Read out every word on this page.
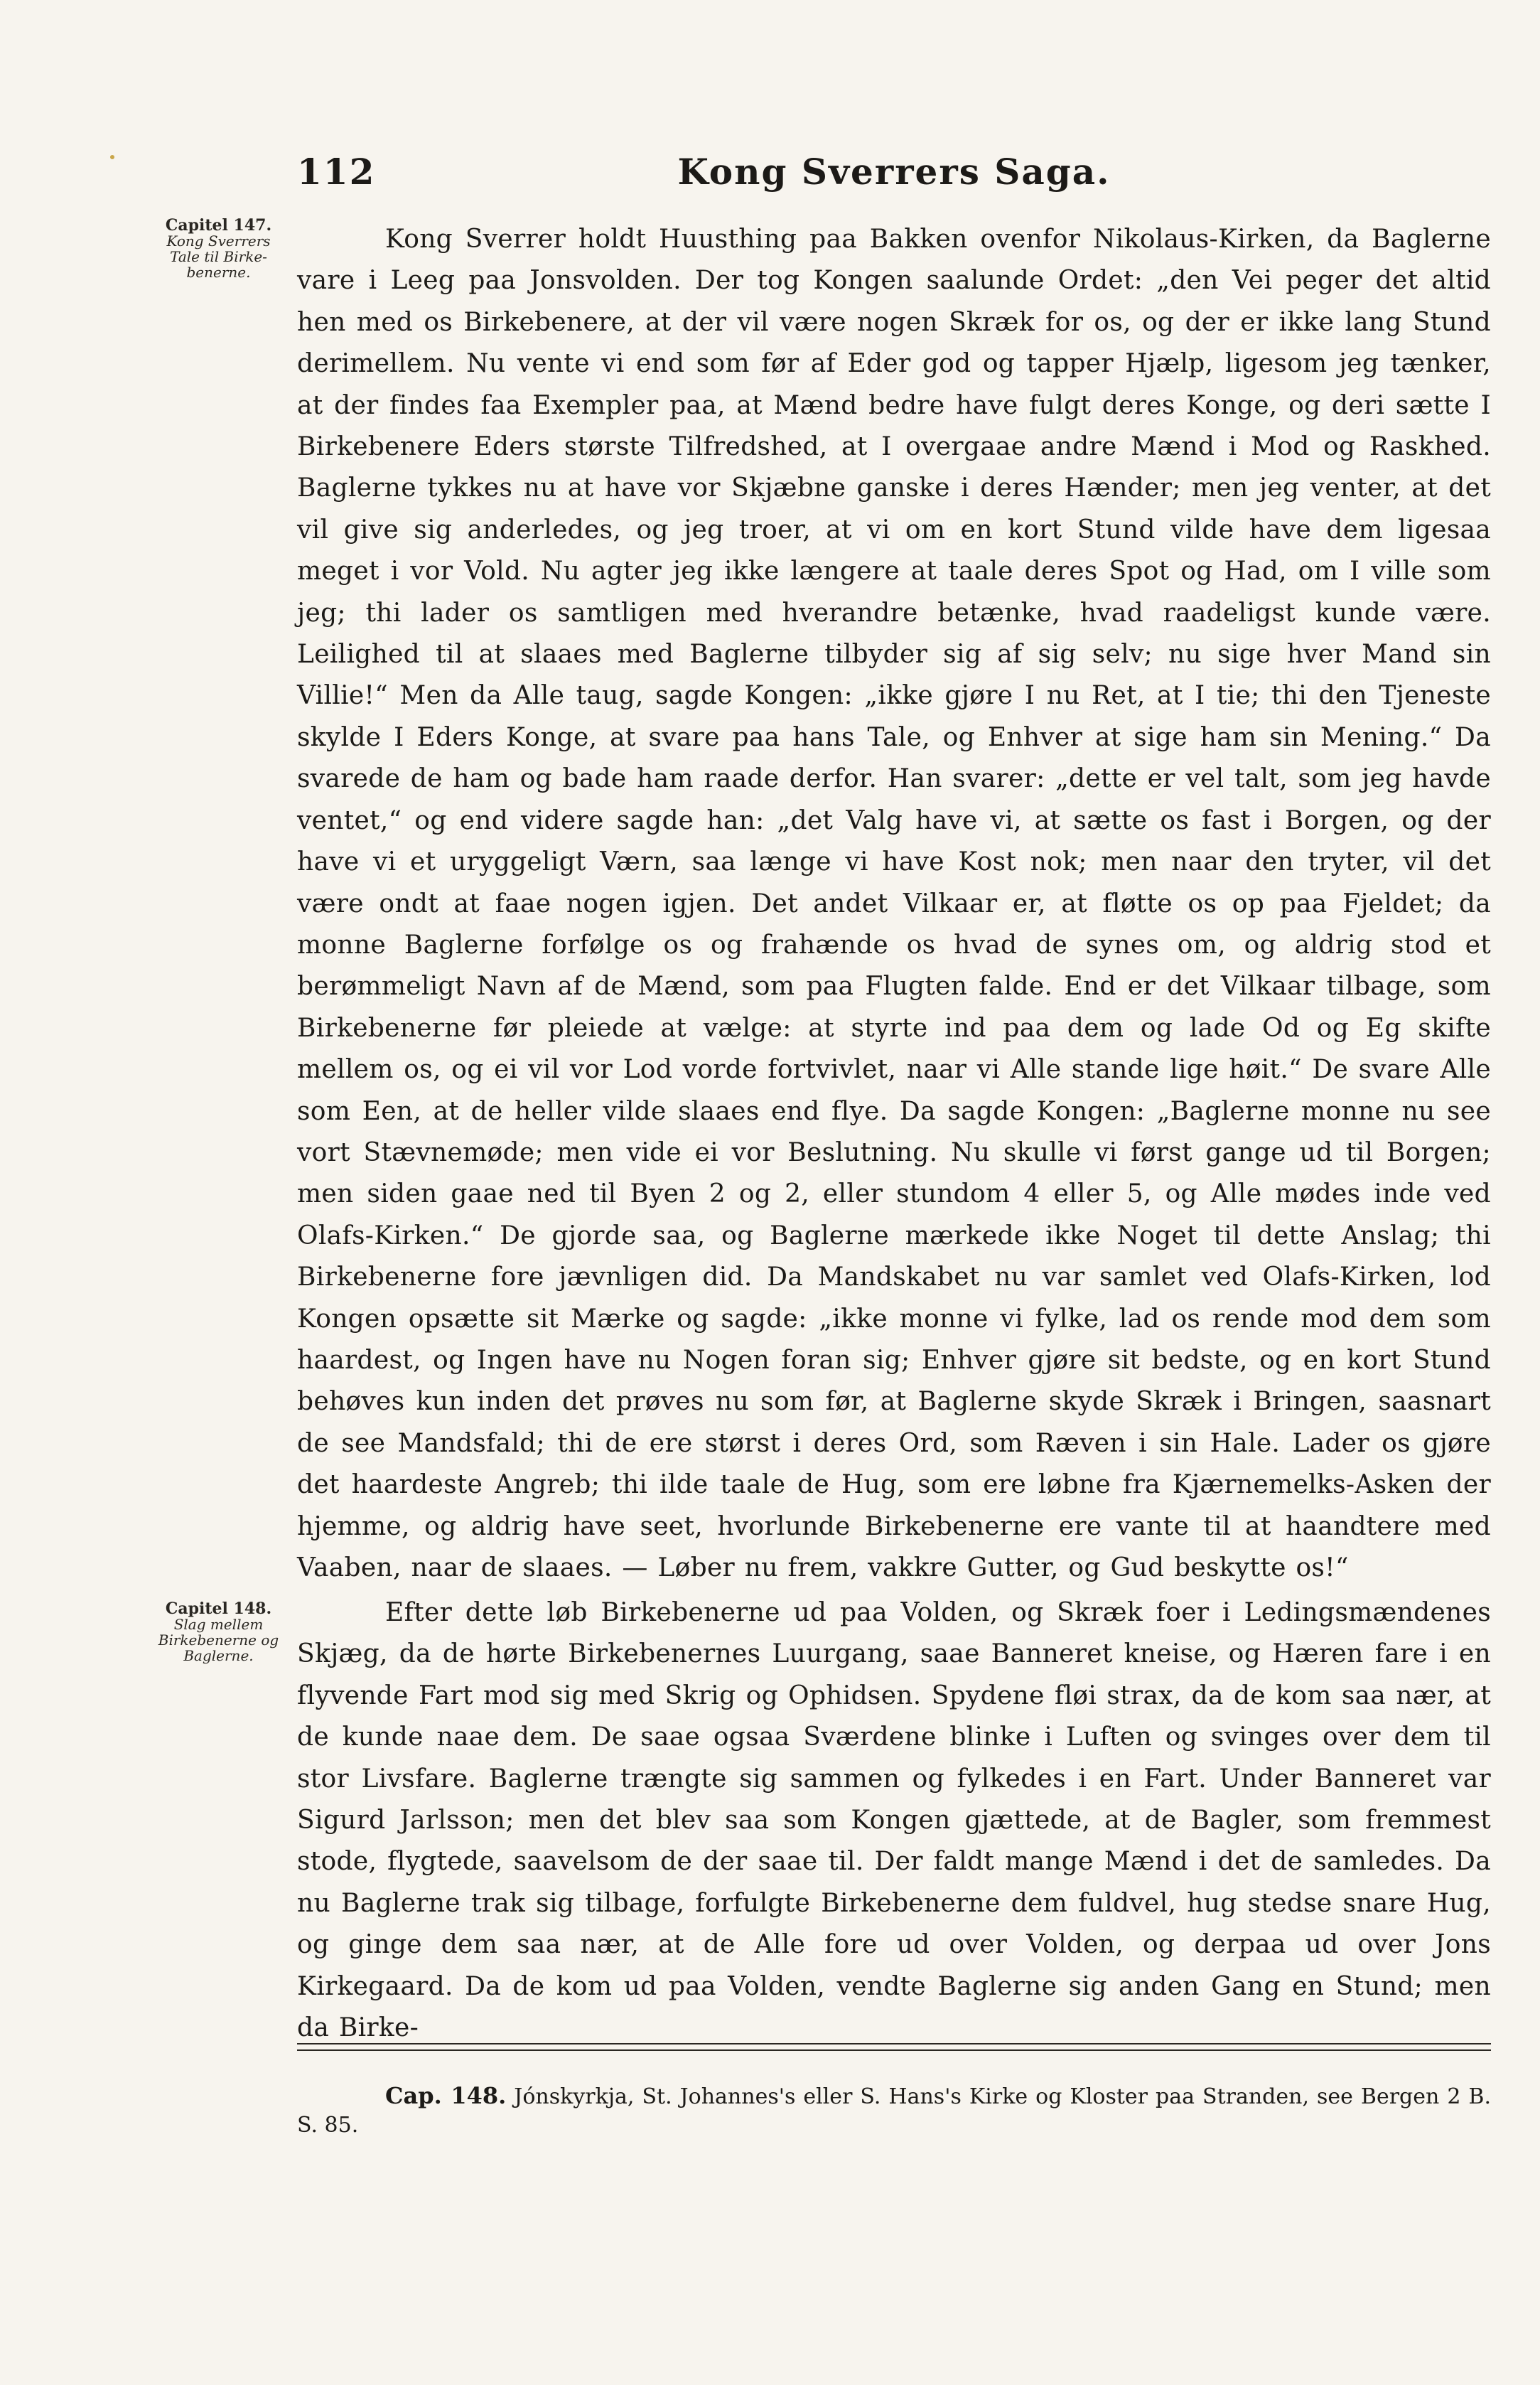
112	Kong Sverrers Saga.
Capitel 147.
Kong Sverrers
Tale til Birke-
benerne.
Capitel 148.
Slag mellem
Birkebenerne og
Baglerne.

Kong Sverrer holdt Huusthing paa Bakken ovenfor Nikolaus-Kirken, da Baglerne vare i Leeg paa Jonsvolden. Der tog Kongen saalunde Ordet: „den Vei peger det altid hen med os Birkebenere, at der vil være nogen Skræk for os, og der er ikke lang Stund derimellem. Nu vente vi end som før af Eder god og tapper Hjælp, ligesom jeg tænker, at der findes faa Exempler paa, at Mænd bedre have fulgt deres Konge, og deri sætte I Birkebenere Eders største Tilfredshed, at I overgaae andre Mænd i Mod og Raskhed. Baglerne tykkes nu at have vor Skjæbne ganske i deres Hænder; men jeg venter, at det vil give sig anderledes, og jeg troer, at vi om en kort Stund vilde have dem ligesaa meget i vor Vold. Nu agter jeg ikke længere at taale deres Spot og Had, om I ville som jeg; thi lader os samtligen med hverandre betænke, hvad raadeligst kunde være. Leilighed til at slaaes med Baglerne tilbyder sig af sig selv; nu sige hver Mand sin Villie!“ Men da Alle taug, sagde Kongen: „ikke gjøre I nu Ret, at I tie; thi den Tjeneste skylde I Eders Konge, at svare paa hans Tale, og Enhver at sige ham sin Mening.“ Da svarede de ham og bade ham raade derfor. Han svarer: „dette er vel talt, som jeg havde ventet,“ og end videre sagde han: „det Valg have vi, at sætte os fast i Borgen, og der have vi et uryggeligt Værn, saa længe vi have Kost nok; men naar den tryter, vil det være ondt at faae nogen igjen. Det andet Vilkaar er, at fløtte os op paa Fjeldet; da monne Baglerne forfølge os og frahænde os hvad de synes om, og aldrig stod et berømmeligt Navn af de Mænd, som paa Flugten falde. End er det Vilkaar tilbage, som Birkebenerne før pleiede at vælge: at styrte ind paa dem og lade Od og Eg skifte mellem os, og ei vil vor Lod vorde fortvivlet, naar vi Alle stande lige høit.“ De svare Alle som Een, at de heller vilde slaaes end flye. Da sagde Kongen: „Baglerne monne nu see vort Stævnemøde; men vide ei vor Beslutning. Nu skulle vi først gange ud til Borgen; men siden gaae ned til Byen 2 og 2, eller stundom 4 eller 5, og Alle mødes inde ved Olafs-Kirken.“ De gjorde saa, og Baglerne mærkede ikke Noget til dette Anslag; thi Birkebenerne fore jævnligen did. Da Mandskabet nu var samlet ved Olafs-Kirken, lod Kongen opsætte sit Mærke og sagde: „ikke monne vi fylke, lad os rende mod dem som haardest, og Ingen have nu Nogen foran sig; Enhver gjøre sit bedste, og en kort Stund behøves kun inden det prøves nu som før, at Baglerne skyde Skræk i Bringen, saasnart de see Mandsfald; thi de ere størst i deres Ord, som Ræven i sin Hale. Lader os gjøre det haardeste Angreb; thi ilde taale de Hug, som ere løbne fra Kjærnemelks-Asken der hjemme, og aldrig have seet, hvorlunde Birkebenerne ere vante til at haandtere med Vaaben, naar de slaaes. — Løber nu frem, vakkre Gutter, og Gud beskytte os!“

Efter dette løb Birkebenerne ud paa Volden, og Skræk foer i Ledingsmændenes Skjæg, da de hørte Birkebenernes Luurgang, saae Banneret kneise, og Hæren fare i en flyvende Fart mod sig med Skrig og Ophidsen. Spydene fløi strax, da de kom saa nær, at de kunde naae dem. De saae ogsaa Sværdene blinke i Luften og svinges over dem til stor Livsfare. Baglerne trængte sig sammen og fylkedes i en Fart. Under Banneret var Sigurd Jarlsson; men det blev saa som Kongen gjættede, at de Bagler, som fremmest stode, flygtede, saavelsom de der saae til. Der faldt mange Mænd i det de samledes. Da nu Baglerne trak sig tilbage, forfulgte Birkebenerne dem fuldvel, hug stedse snare Hug, og ginge dem saa nær, at de Alle fore ud over Volden, og derpaa ud over Jons Kirkegaard. Da de kom ud paa Volden, vendte Baglerne sig anden Gang en Stund; men da Birke-

Cap. 148. Jónskyrkja, St. Johannes's eller S. Hans's Kirke og Kloster paa Stranden, see Bergen 2 B. S. 85.
